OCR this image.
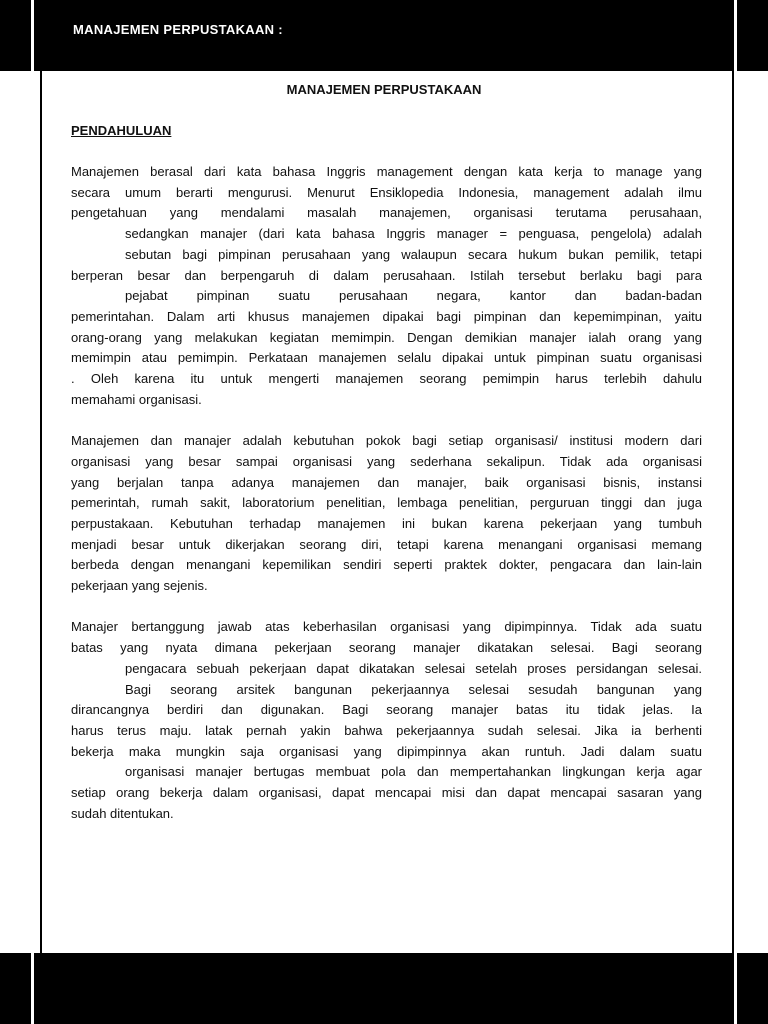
MANAJEMEN PERPUSTAKAAN :
MANAJEMEN PERPUSTAKAAN
PENDAHULUAN
Manajemen berasal dari kata bahasa Inggris management dengan kata kerja to manage yang
secara umum berarti mengurusi. Menurut Ensiklopedia Indonesia, management adalah ilmu
pengetahuan yang mendalami masalah manajemen, organisasi terutama perusahaan,
sedangkan manajer (dari kata bahasa Inggris manager = penguasa, pengelola) adalah
sebutan bagi pimpinan perusahaan yang walaupun secara hukum bukan pemilik, tetapi
berperan besar dan berpengaruh di dalam perusahaan. Istilah tersebut berlaku bagi para
pejabat pimpinan suatu perusahaan negara, kantor dan badan-badan
pemerintahan. Dalam arti khusus manajemen dipakai bagi pimpinan dan kepemimpinan, yaitu
orang-orang yang melakukan kegiatan memimpin. Dengan demikian manajer ialah orang yang
memimpin atau pemimpin. Perkataan manajemen selalu dipakai untuk pimpinan suatu organisasi
. Oleh karena itu untuk mengerti manajemen seorang pemimpin harus terlebih dahulu
memahami organisasi.
Manajemen dan manajer adalah kebutuhan pokok bagi setiap organisasi/ institusi modern dari
organisasi yang besar sampai organisasi yang sederhana sekalipun. Tidak ada organisasi
yang berjalan tanpa adanya manajemen dan manajer, baik organisasi bisnis, instansi
pemerintah, rumah sakit, laboratorium penelitian, lembaga penelitian, perguruan tinggi dan juga
perpustakaan. Kebutuhan terhadap manajemen ini bukan karena pekerjaan yang tumbuh
menjadi besar untuk dikerjakan seorang diri, tetapi karena menangani organisasi memang
berbeda dengan menangani kepemilikan sendiri seperti praktek dokter, pengacara dan lain-lain
pekerjaan yang sejenis.
Manajer bertanggung jawab atas keberhasilan organisasi yang dipimpinnya. Tidak ada suatu
batas yang nyata dimana pekerjaan seorang manajer dikatakan selesai. Bagi seorang
pengacara sebuah pekerjaan dapat dikatakan selesai setelah proses persidangan selesai.
Bagi seorang arsitek bangunan pekerjaannya selesai sesudah bangunan yang
dirancangnya berdiri dan digunakan. Bagi seorang manajer batas itu tidak jelas. Ia
harus terus maju. latak pernah yakin bahwa pekerjaannya sudah selesai. Jika ia berhenti
bekerja maka mungkin saja organisasi yang dipimpinnya akan runtuh. Jadi dalam suatu
organisasi manajer bertugas membuat pola dan mempertahankan lingkungan kerja agar
setiap orang bekerja dalam organisasi, dapat mencapai misi dan dapat mencapai sasaran yang
sudah ditentukan.
